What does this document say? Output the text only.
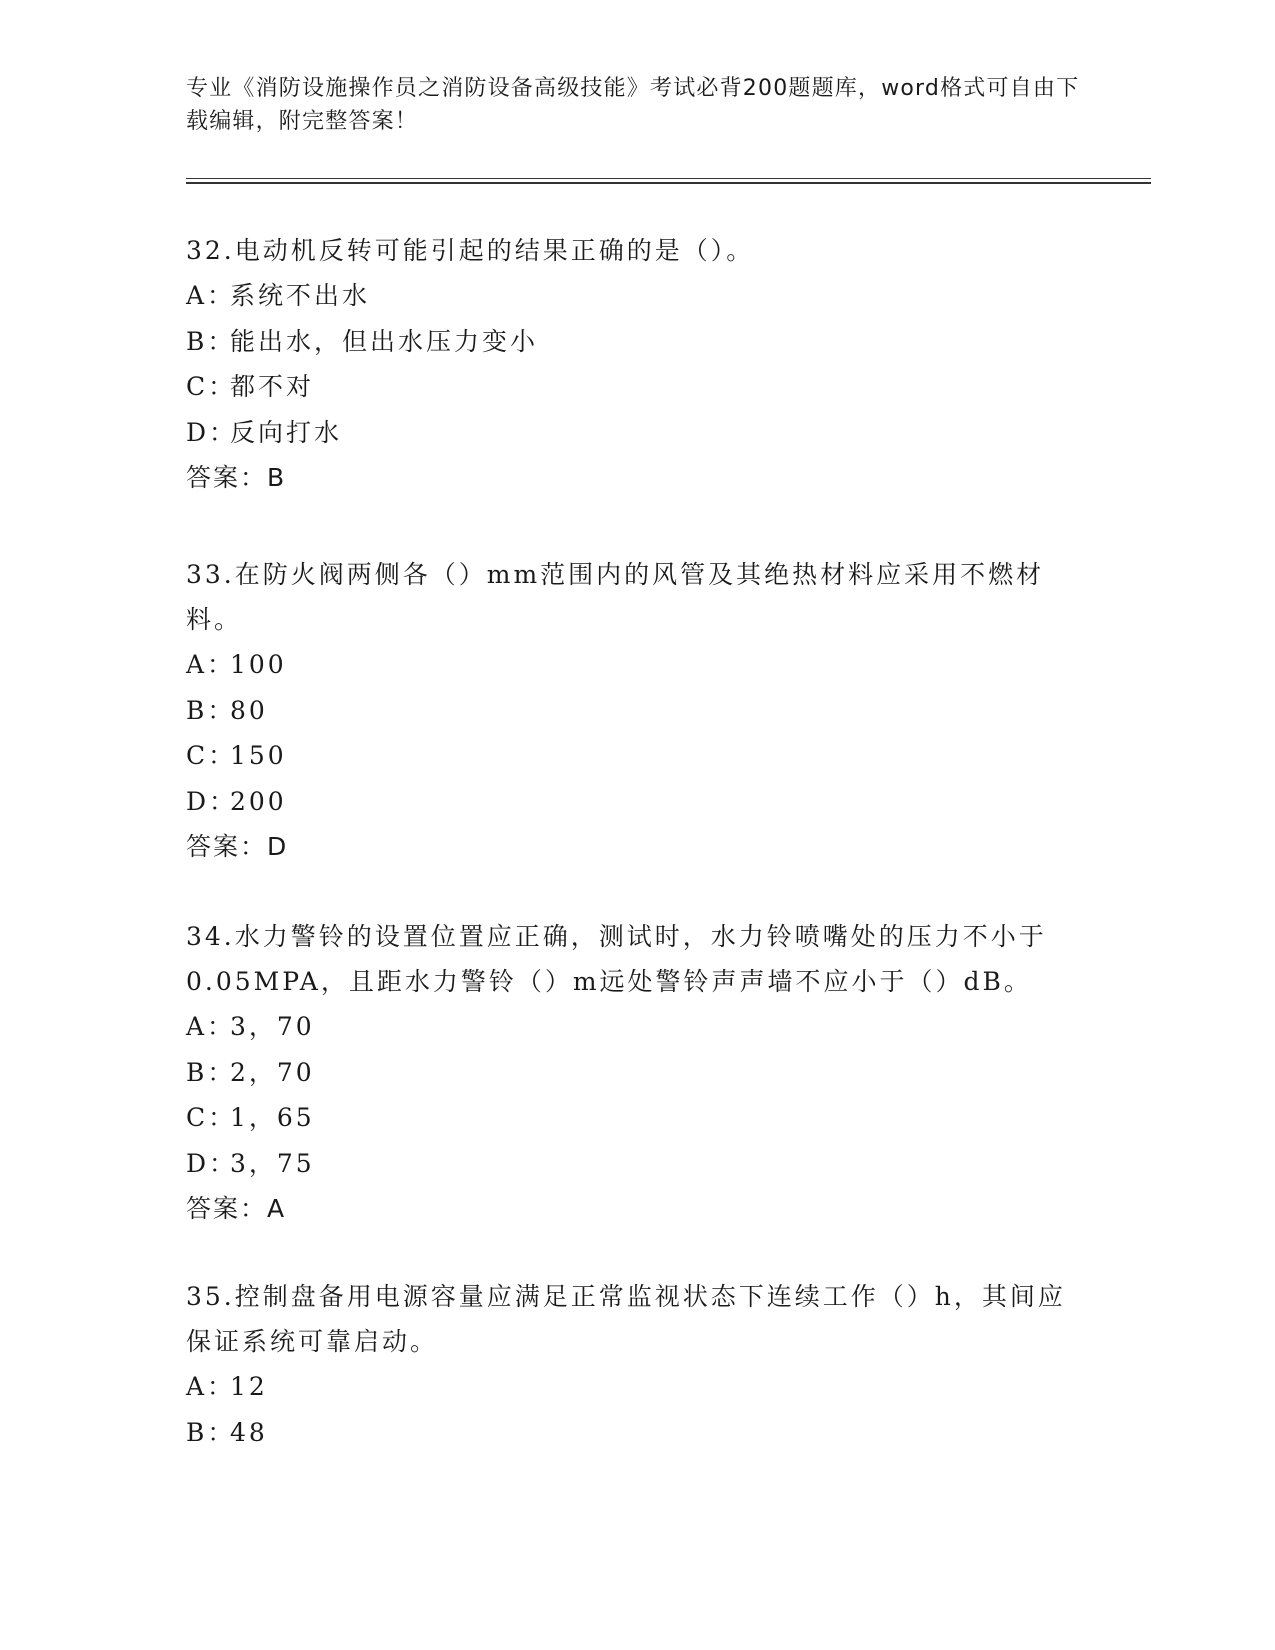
专业《消防设施操作员之消防设备高级技能》考试必背200题题库，word格式可自由下载编辑，附完整答案！
32.电动机反转可能引起的结果正确的是（）。
A：系统不出水
B：能出水，但出水压力变小
C：都不对
D：反向打水
答案：B
33.在防火阀两侧各（）mm范围内的风管及其绝热材料应采用不燃材料。
A：100
B：80
C：150
D：200
答案：D
34.水力警铃的设置位置应正确，测试时，水力铃喷嘴处的压力不小于0.05MPA，且距水力警铃（）m远处警铃声声墙不应小于（）dB。
A：3，70
B：2，70
C：1，65
D：3，75
答案：A
35.控制盘备用电源容量应满足正常监视状态下连续工作（）h，其间应保证系统可靠启动。
A：12
B：48
